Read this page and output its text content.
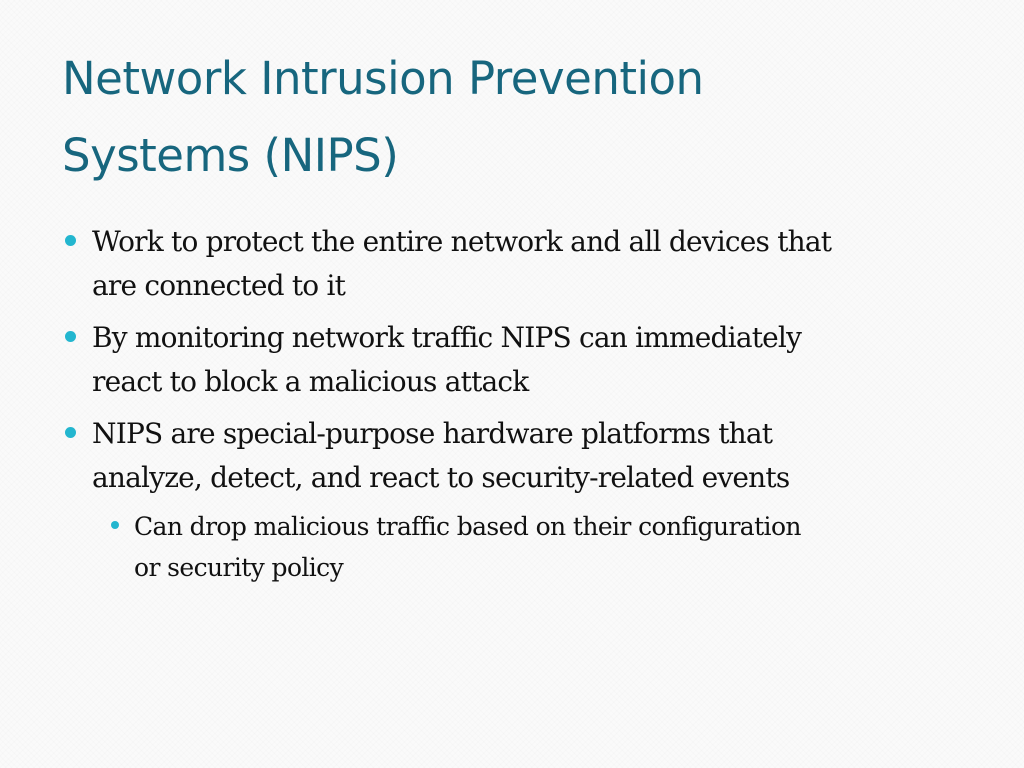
Network Intrusion Prevention
Systems (NIPS)
Work to protect the entire network and all devices that
are connected to it
By monitoring network traffic NIPS can immediately
react to block a malicious attack
NIPS are special-purpose hardware platforms that
analyze, detect, and react to security-related events
Can drop malicious traffic based on their configuration
or security policy
